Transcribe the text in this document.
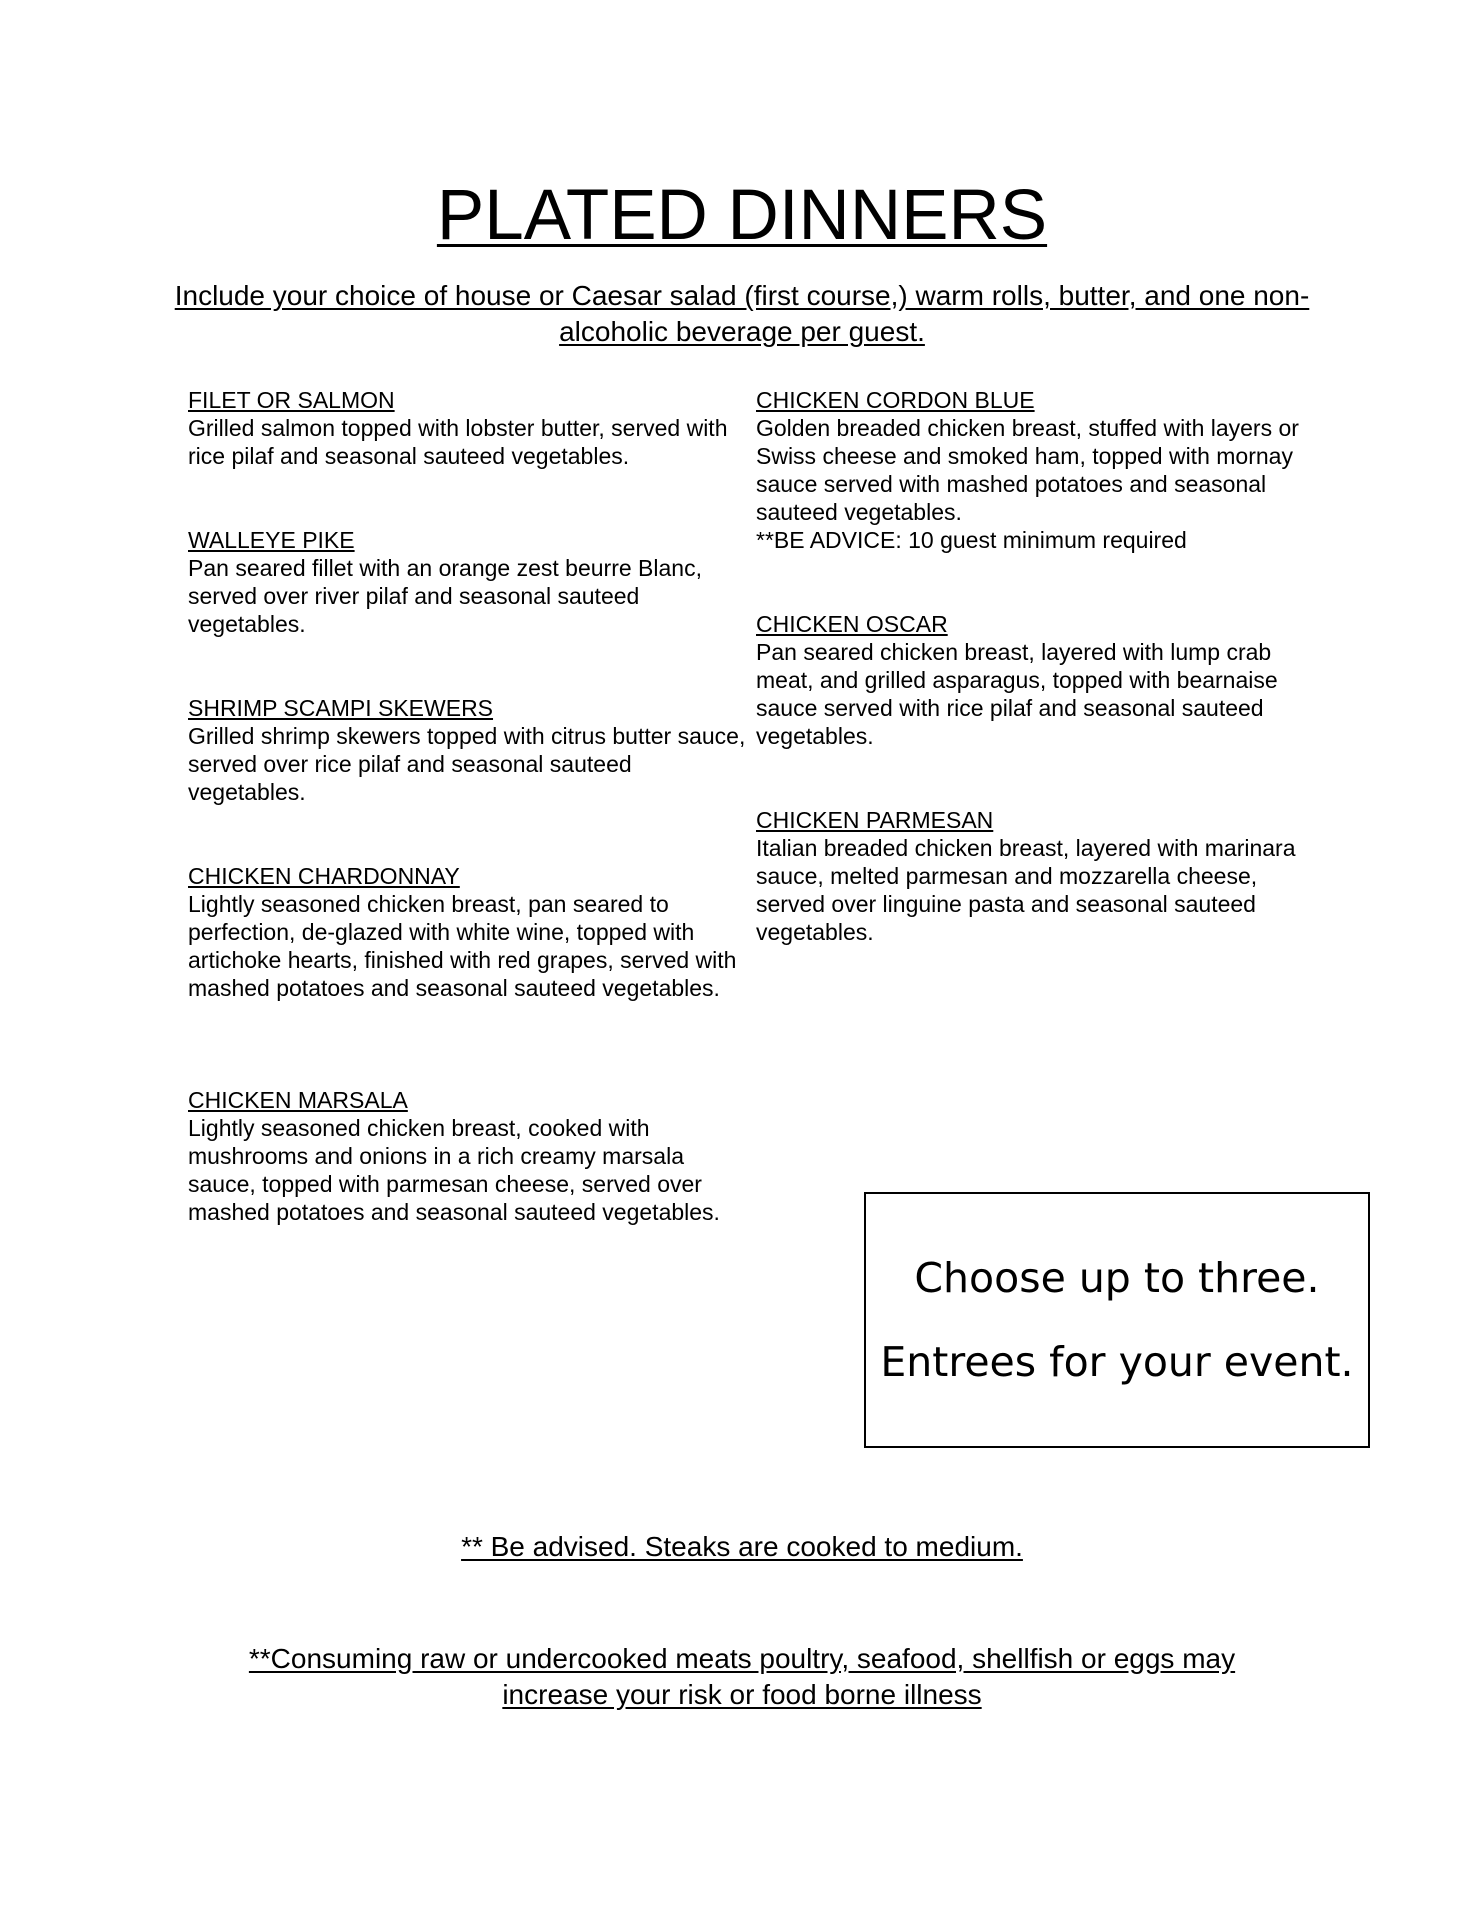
PLATED DINNERS
Include your choice of house or Caesar salad (first course,) warm rolls, butter, and one non-alcoholic beverage per guest.
FILET OR SALMON

Grilled salmon topped with lobster butter, served with rice pilaf and seasonal sauteed vegetables.

WALLEYE PIKE

Pan seared fillet with an orange zest beurre Blanc, served over river pilaf and seasonal sauteed vegetables.

SHRIMP SCAMPI SKEWERS

Grilled shrimp skewers topped with citrus butter sauce, served over rice pilaf and seasonal sauteed vegetables.

CHICKEN CHARDONNAY

Lightly seasoned chicken breast, pan seared to perfection, de-glazed with white wine, topped with artichoke hearts, finished with red grapes, served with mashed potatoes and seasonal sauteed vegetables.

CHICKEN MARSALA

Lightly seasoned chicken breast, cooked with mushrooms and onions in a rich creamy marsala sauce, topped with parmesan cheese, served over mashed potatoes and seasonal sauteed vegetables.

CHICKEN CORDON BLUE

Golden breaded chicken breast, stuffed with layers or Swiss cheese and smoked ham, topped with mornay sauce served with mashed potatoes and seasonal sauteed vegetables.

**BE ADVICE: 10 guest minimum required

CHICKEN OSCAR

Pan seared chicken breast, layered with lump crab meat, and grilled asparagus, topped with bearnaise sauce served with rice pilaf and seasonal sauteed vegetables.

CHICKEN PARMESAN

Italian breaded chicken breast, layered with marinara sauce, melted parmesan and mozzarella cheese, served over linguine pasta and seasonal sauteed vegetables.

Choose up to three.
Entrees for your event.
** Be advised. Steaks are cooked to medium.
**Consuming raw or undercooked meats poultry, seafood, shellfish or eggs may increase your risk or food borne illness
